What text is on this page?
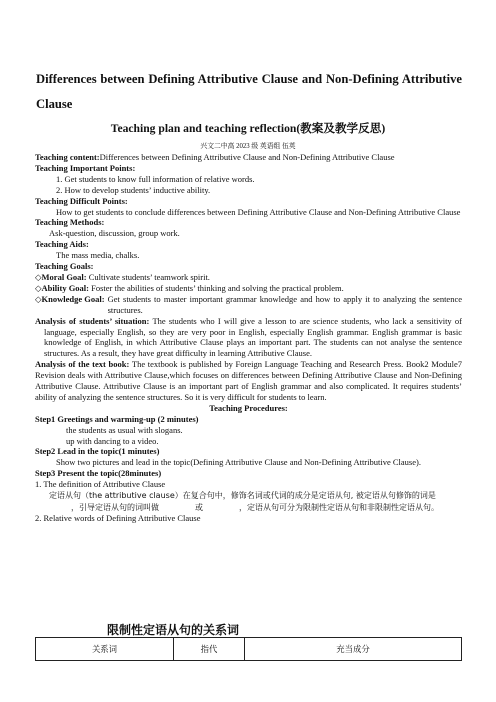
Differences between Defining Attributive Clause and Non-Defining Attributive Clause
Teaching plan and teaching reflection(教案及教学反思)
兴文二中高 2023 级 英语组 伍英

Teaching content:Differences between Defining Attributive Clause and Non-Defining Attributive Clause

Teaching Important Points:

1. Get students to know full information of relative words.

2. How to develop students’ inductive ability.

Teaching Difficult Points:

How to get students to conclude differences between Defining Attributive Clause and Non-Defining Attributive Clause

Teaching Methods:

Ask-question, discussion, group work.

Teaching Aids:

The mass media, chalks.

Teaching Goals:

◇Moral Goal: Cultivate students’ teamwork spirit.

◇Ability Goal: Foster the abilities of students’ thinking and solving the practical problem.

◇Knowledge Goal: Get students to master important grammar knowledge and how to apply it to analyzing the sentence structures.

Analysis of students’ situation: The students who I will give a lesson to are science students, who lack a sensitivity of language, especially English, so they are very poor in English, especially English grammar. English grammar is basic knowledge of English, in which Attributive Clause plays an important part. The students can not analyse the sentence structures. As a result, they have great difficulty in learning Attributive Clause.

Analysis of the text book: The textbook is published by Foreign Language Teaching and Research Press. Book2 Module7 Revision deals with Attributive Clause,which focuses on differences between Defining Attributive Clause and Non-Defining Attributive Clause. Attributive Clause is an important part of English grammar and also complicated. It requires students’ ability of analyzing the sentence structures. So it is very difficult for students to learn.

Teaching Procedures:

Step1 Greetings and warming-up (2 minutes)

the students as usual with slogans.

up with dancing to a video.

Step2 Lead in the topic(1 minutes)

Show two pictures and lead in the topic(Defining Attributive Clause and Non-Defining Attributive Clause).

Step3 Present the topic(28minutes)

1. The definition of Attributive Clause

定语从句（the attributive clause）在复合句中，修饰名词或代词的成分是定语从句, 被定语从句修饰的词是，引导定语从句的词叫做	或	，定语从句可分为限制性定语从句和非限制性定语从句。

2. Relative words of Defining Attributive Clause

限制性定语从句的关系词
关系词	指代	充当成分
